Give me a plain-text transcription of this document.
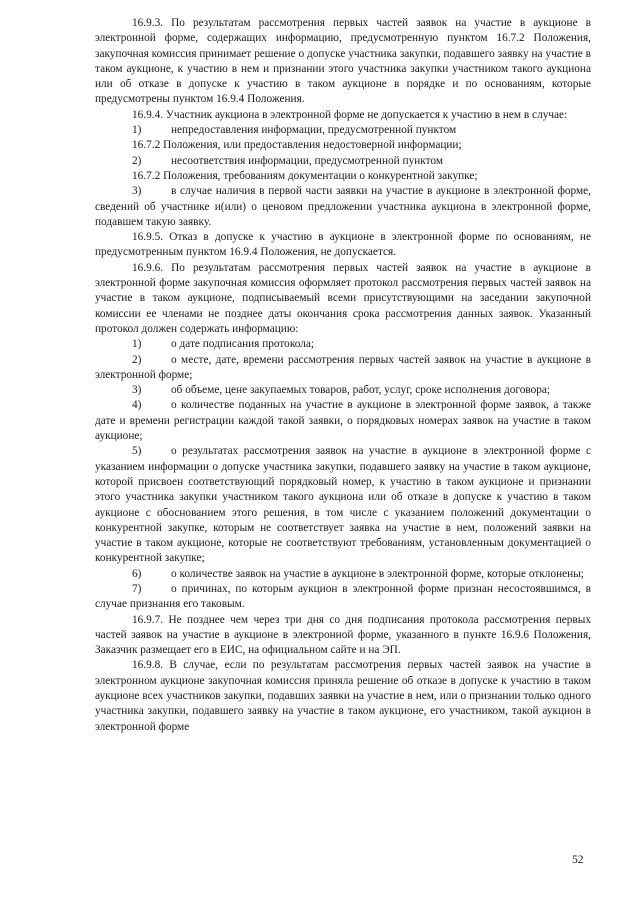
16.9.3. По результатам рассмотрения первых частей заявок на участие в аукционе в электронной форме, содержащих информацию, предусмотренную пунктом 16.7.2 Положения, закупочная комиссия принимает решение о допуске участника закупки, подавшего заявку на участие в таком аукционе, к участию в нем и признании этого участника закупки участником такого аукциона или об отказе в допуске к участию в таком аукционе в порядке и по основаниям, которые предусмотрены пунктом 16.9.4 Положения.

16.9.4. Участник аукциона в электронной форме не допускается к участию в нем в случае:

1)	непредоставления информации, предусмотренной пунктом

16.7.2 Положения, или предоставления недостоверной информации;

2)	несоответствия информации, предусмотренной пунктом

16.7.2 Положения, требованиям документации о конкурентной закупке;

3)	в случае наличия в первой части заявки на участие в аукционе в электронной форме, сведений об участнике и(или) о ценовом предложении участника аукциона в электронной форме, подавшем такую заявку.

16.9.5. Отказ в допуске к участию в аукционе в электронной форме по основаниям, не предусмотренным пунктом 16.9.4 Положения, не допускается.

16.9.6. По результатам рассмотрения первых частей заявок на участие в аукционе в электронной форме закупочная комиссия оформляет протокол рассмотрения первых частей заявок на участие в таком аукционе, подписываемый всеми присутствующими на заседании закупочной комиссии ее членами не позднее даты окончания срока рассмотрения данных заявок. Указанный протокол должен содержать информацию:

1)	о дате подписания протокола;

2)	о месте, дате, времени рассмотрения первых частей заявок на участие в аукционе в электронной форме;

3)	об объеме, цене закупаемых товаров, работ, услуг, сроке исполнения договора;

4)	о количестве поданных на участие в аукционе в электронной форме заявок, а также дате и времени регистрации каждой такой заявки, о порядковых номерах заявок на участие в таком аукционе;

5)	о результатах рассмотрения заявок на участие в аукционе в электронной форме с указанием информации о допуске участника закупки, подавшего заявку на участие в таком аукционе, которой присвоен соответствующий порядковый номер, к участию в таком аукционе и признании этого участника закупки участником такого аукциона или об отказе в допуске к участию в таком аукционе с обоснованием этого решения, в том числе с указанием положений документации о конкурентной закупке, которым не соответствует заявка на участие в нем, положений заявки на участие в таком аукционе, которые не соответствуют требованиям, установленным документацией о конкурентной закупке;

6)	о количестве заявок на участие в аукционе в электронной форме, которые отклонены;

7)	о причинах, по которым аукцион в электронной форме признан несостоявшимся, в случае признания его таковым.

16.9.7. Не позднее чем через три дня со дня подписания протокола рассмотрения первых частей заявок на участие в аукционе в электронной форме, указанного в пункте 16.9.6 Положения, Заказчик размещает его в ЕИС, на официальном сайте и на ЭП.

16.9.8. В случае, если по результатам рассмотрения первых частей заявок на участие в электронном аукционе закупочная комиссия приняла решение об отказе в допуске к участию в таком аукционе всех участников закупки, подавших заявки на участие в нем, или о признании только одного участника закупки, подавшего заявку на участие в таком аукционе, его участником, такой аукцион в электронной форме

52
